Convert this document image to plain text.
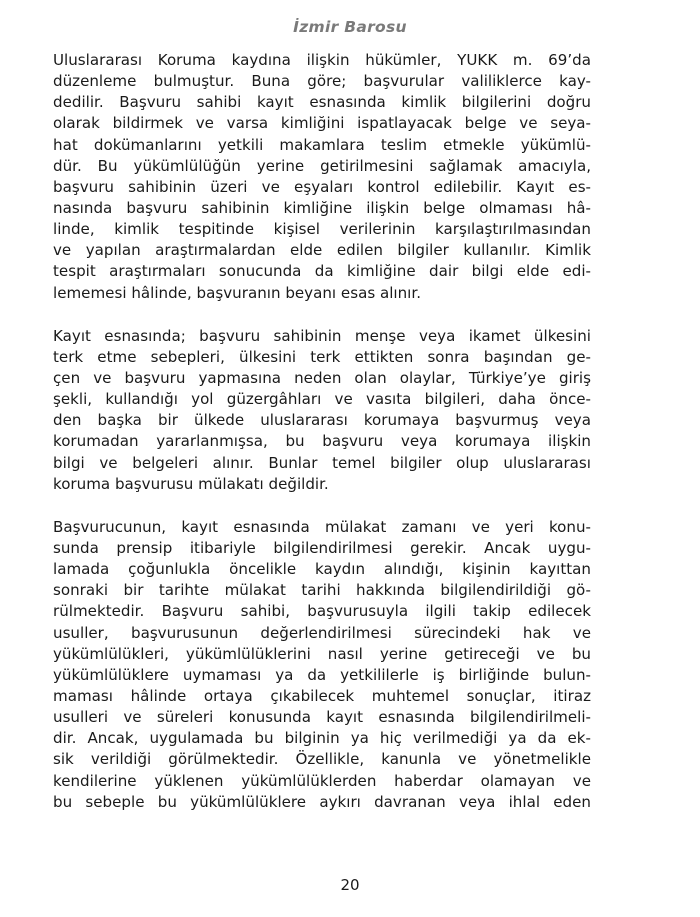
İzmir Barosu

Uluslararası Koruma kaydına ilişkin hükümler, YUKK m. 69’da
düzenleme bulmuştur. Buna göre; başvurular valiliklerce kay-
dedilir. Başvuru sahibi kayıt esnasında kimlik bilgilerini doğru
olarak bildirmek ve varsa kimliğini ispatlayacak belge ve seya-
hat dokümanlarını yetkili makamlara teslim etmekle yükümlü-
dür. Bu yükümlülüğün yerine getirilmesini sağlamak amacıyla,
başvuru sahibinin üzeri ve eşyaları kontrol edilebilir. Kayıt es-
nasında başvuru sahibinin kimliğine ilişkin belge olmaması hâ-
linde, kimlik tespitinde kişisel verilerinin karşılaştırılmasından
ve yapılan araştırmalardan elde edilen bilgiler kullanılır. Kimlik
tespit araştırmaları sonucunda da kimliğine dair bilgi elde edi-
lememesi hâlinde, başvuranın beyanı esas alınır.

Kayıt esnasında; başvuru sahibinin menşe veya ikamet ülkesini
terk etme sebepleri, ülkesini terk ettikten sonra başından ge-
çen ve başvuru yapmasına neden olan olaylar, Türkiye’ye giriş
şekli, kullandığı yol güzergâhları ve vasıta bilgileri, daha önce-
den başka bir ülkede uluslararası korumaya başvurmuş veya
korumadan yararlanmışsa, bu başvuru veya korumaya ilişkin
bilgi ve belgeleri alınır. Bunlar temel bilgiler olup uluslararası
koruma başvurusu mülakatı değildir.

Başvurucunun, kayıt esnasında mülakat zamanı ve yeri konu-
sunda prensip itibariyle bilgilendirilmesi gerekir. Ancak uygu-
lamada çoğunlukla öncelikle kaydın alındığı, kişinin kayıttan
sonraki bir tarihte mülakat tarihi hakkında bilgilendirildiği gö-
rülmektedir. Başvuru sahibi, başvurusuyla ilgili takip edilecek
usuller, başvurusunun değerlendirilmesi sürecindeki hak ve
yükümlülükleri, yükümlülüklerini nasıl yerine getireceği ve bu
yükümlülüklere uymaması ya da yetkililerle iş birliğinde bulun-
maması hâlinde ortaya çıkabilecek muhtemel sonuçlar, itiraz
usulleri ve süreleri konusunda kayıt esnasında bilgilendirilmeli-
dir. Ancak, uygulamada bu bilginin ya hiç verilmediği ya da ek-
sik verildiği görülmektedir. Özellikle, kanunla ve yönetmelikle
kendilerine yüklenen yükümlülüklerden haberdar olamayan ve
bu sebeple bu yükümlülüklere aykırı davranan veya ihlal eden

20
